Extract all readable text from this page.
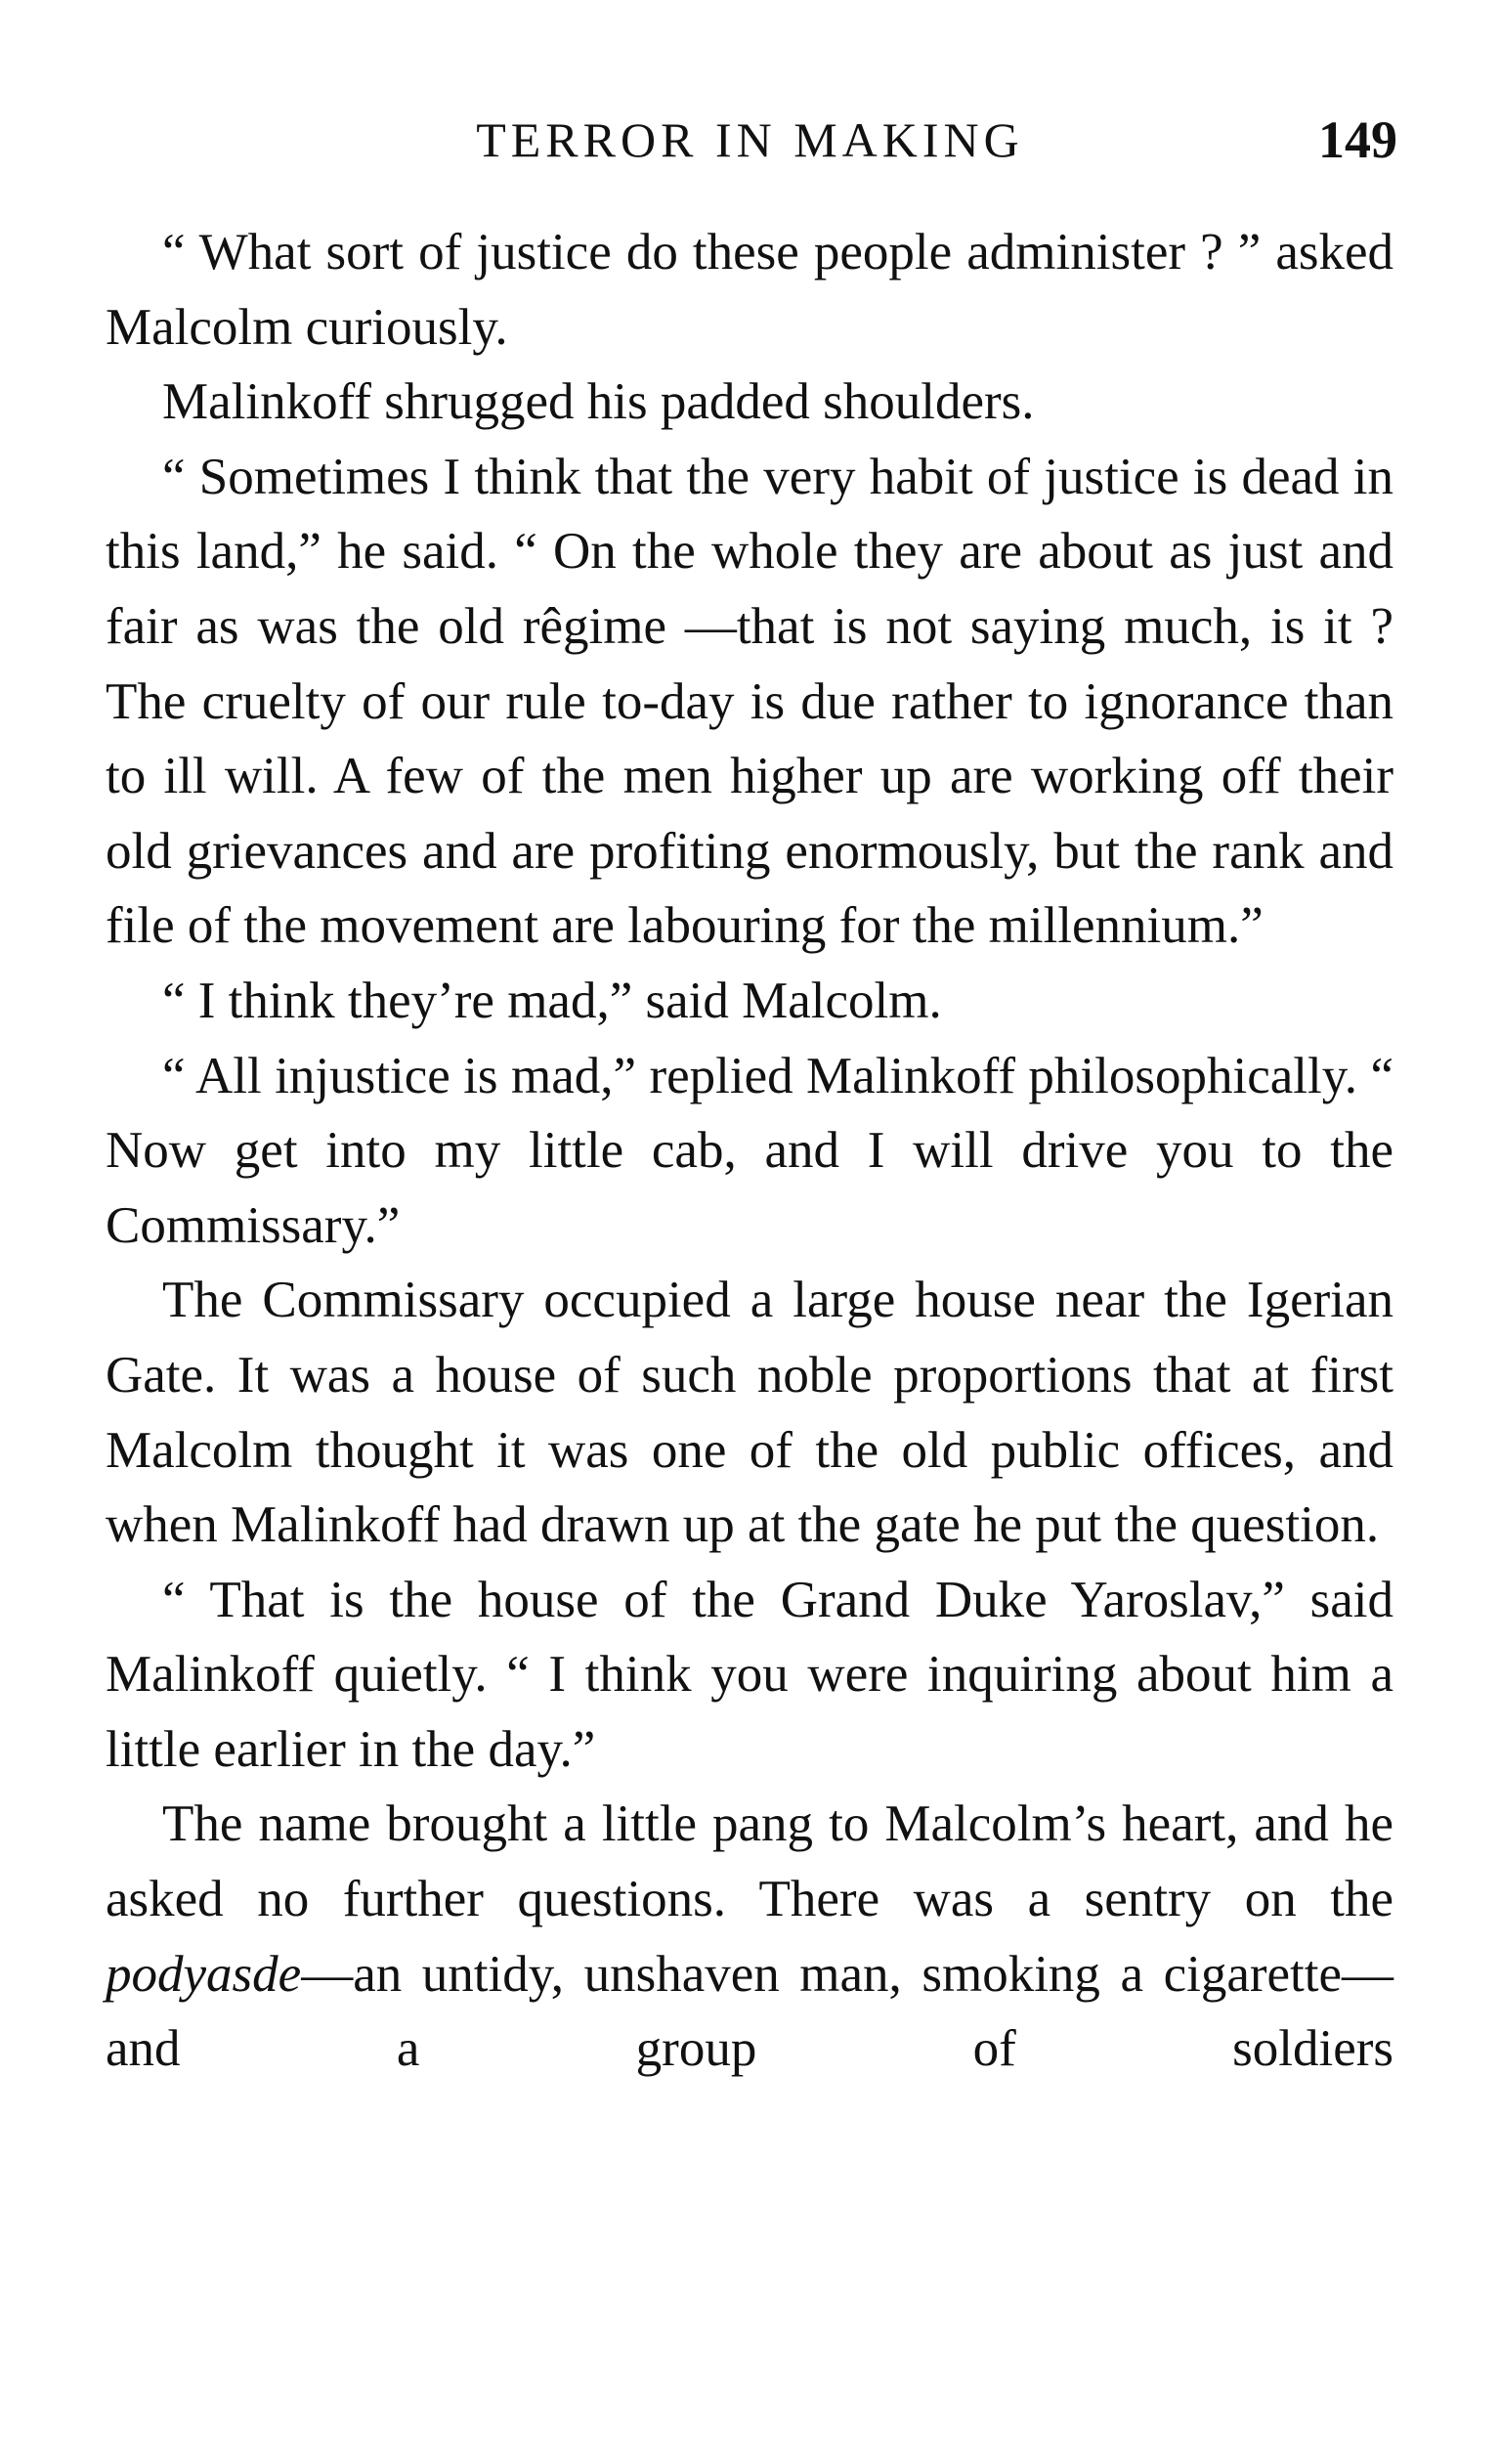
TERROR IN MAKING	149

“ What sort of justice do these people administer ? ” asked Malcolm curiously.

Malinkoff shrugged his padded shoulders.

“ Sometimes I think that the very habit of justice is dead in this land,” he said. “ On the whole they are about as just and fair as was the old rêgime —that is not saying much, is it ? The cruelty of our rule to-day is due rather to ignorance than to ill will. A few of the men higher up are working off their old grievances and are profiting enormously, but the rank and file of the movement are labouring for the millennium.”

“ I think they’re mad,” said Malcolm.

“ All injustice is mad,” replied Malinkoff philosophically. “ Now get into my little cab, and I will drive you to the Commissary.”

The Commissary occupied a large house near the Igerian Gate. It was a house of such noble proportions that at first Malcolm thought it was one of the old public offices, and when Malinkoff had drawn up at the gate he put the question.

“ That is the house of the Grand Duke Yaroslav,” said Malinkoff quietly. “ I think you were inquiring about him a little earlier in the day.”

The name brought a little pang to Malcolm’s heart, and he asked no further questions. There was a sentry on the podyasde—an untidy, unshaven man, smoking a cigarette—and a group of soldiers
